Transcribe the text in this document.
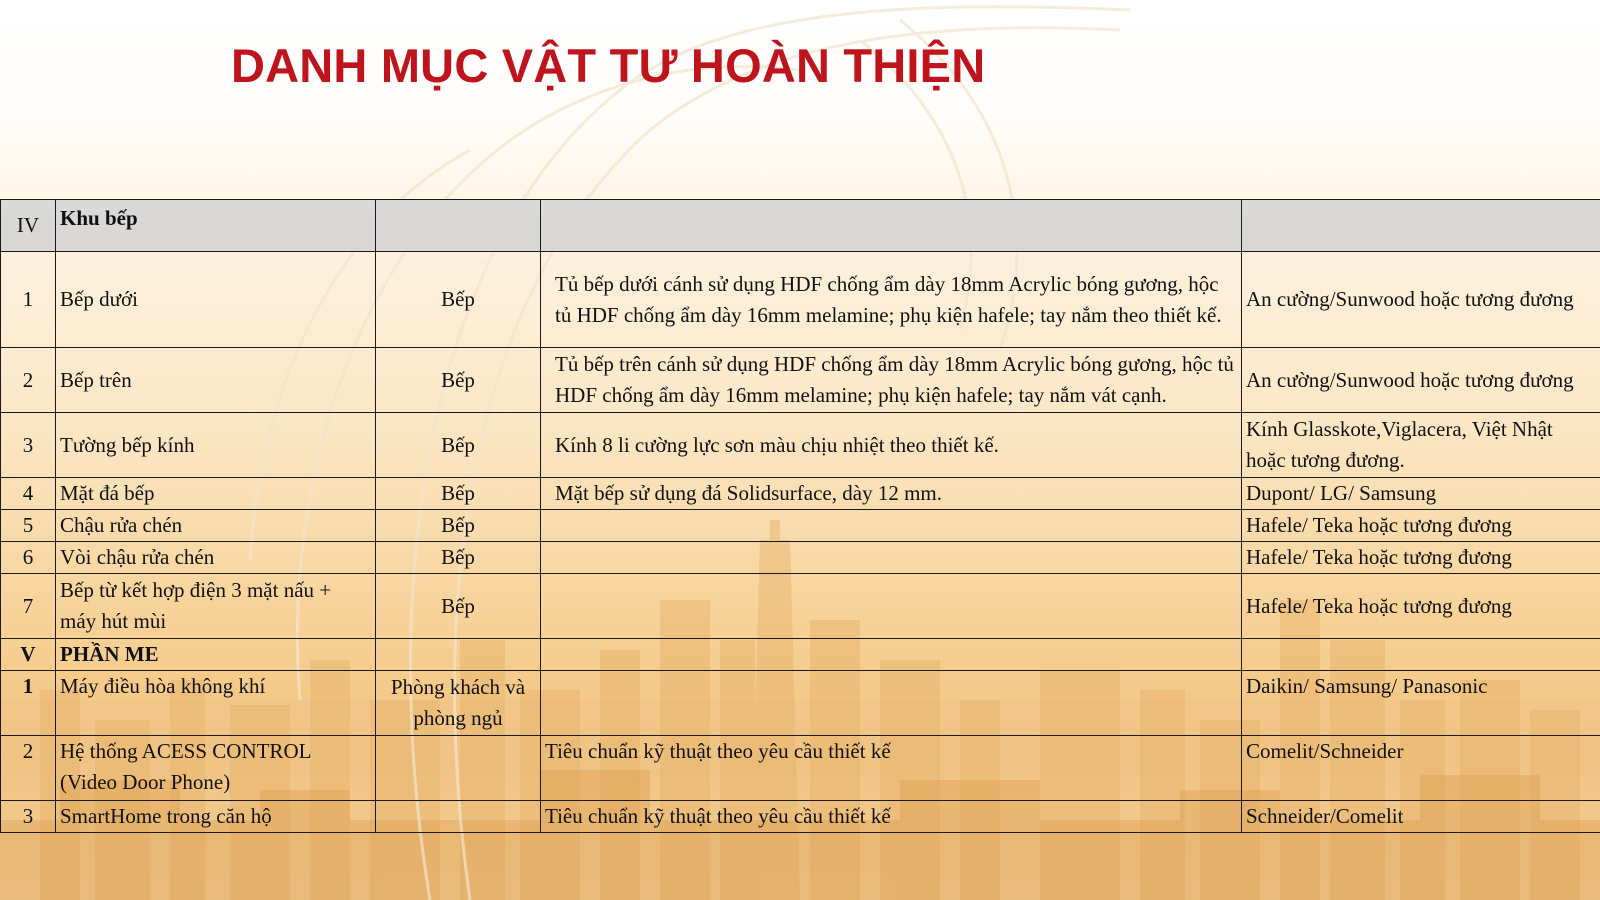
DANH MỤC VẬT TƯ HOÀN THIỆN
IV	Khu bếp			
1	Bếp dưới	Bếp	Tủ bếp dưới cánh sử dụng HDF chống ẩm dày 18mm Acrylic bóng gương, hộc tủ HDF chống ẩm dày 16mm melamine; phụ kiện hafele; tay nắm theo thiết kế.	An cường/Sunwood hoặc tương đương
2	Bếp trên	Bếp	Tủ bếp trên cánh sử dụng HDF chống ẩm dày 18mm Acrylic bóng gương, hộc tủ HDF chống ẩm dày 16mm melamine; phụ kiện hafele; tay nắm vát cạnh.	An cường/Sunwood hoặc tương đương
3	Tường bếp kính	Bếp	Kính 8 li cường lực sơn màu chịu nhiệt theo thiết kế.	Kính Glasskote,Viglacera, Việt Nhật hoặc tương đương.
4	Mặt đá bếp	Bếp	Mặt bếp sử dụng đá Solidsurface, dày 12 mm.	Dupont/ LG/ Samsung
5	Chậu rửa chén	Bếp		Hafele/ Teka hoặc tương đương
6	Vòi chậu rửa chén	Bếp		Hafele/ Teka hoặc tương đương
7	Bếp từ kết hợp điện 3 mặt nấu + máy hút mùi	Bếp		Hafele/ Teka hoặc tương đương
V	PHẦN ME			
1	Máy điều hòa không khí	Phòng khách và phòng ngủ		Daikin/ Samsung/ Panasonic
2	Hệ thống ACESS CONTROL (Video Door Phone)		Tiêu chuẩn kỹ thuật theo yêu cầu thiết kế	Comelit/Schneider
3	SmartHome trong căn hộ		Tiêu chuẩn kỹ thuật theo yêu cầu thiết kế	Schneider/Comelit
